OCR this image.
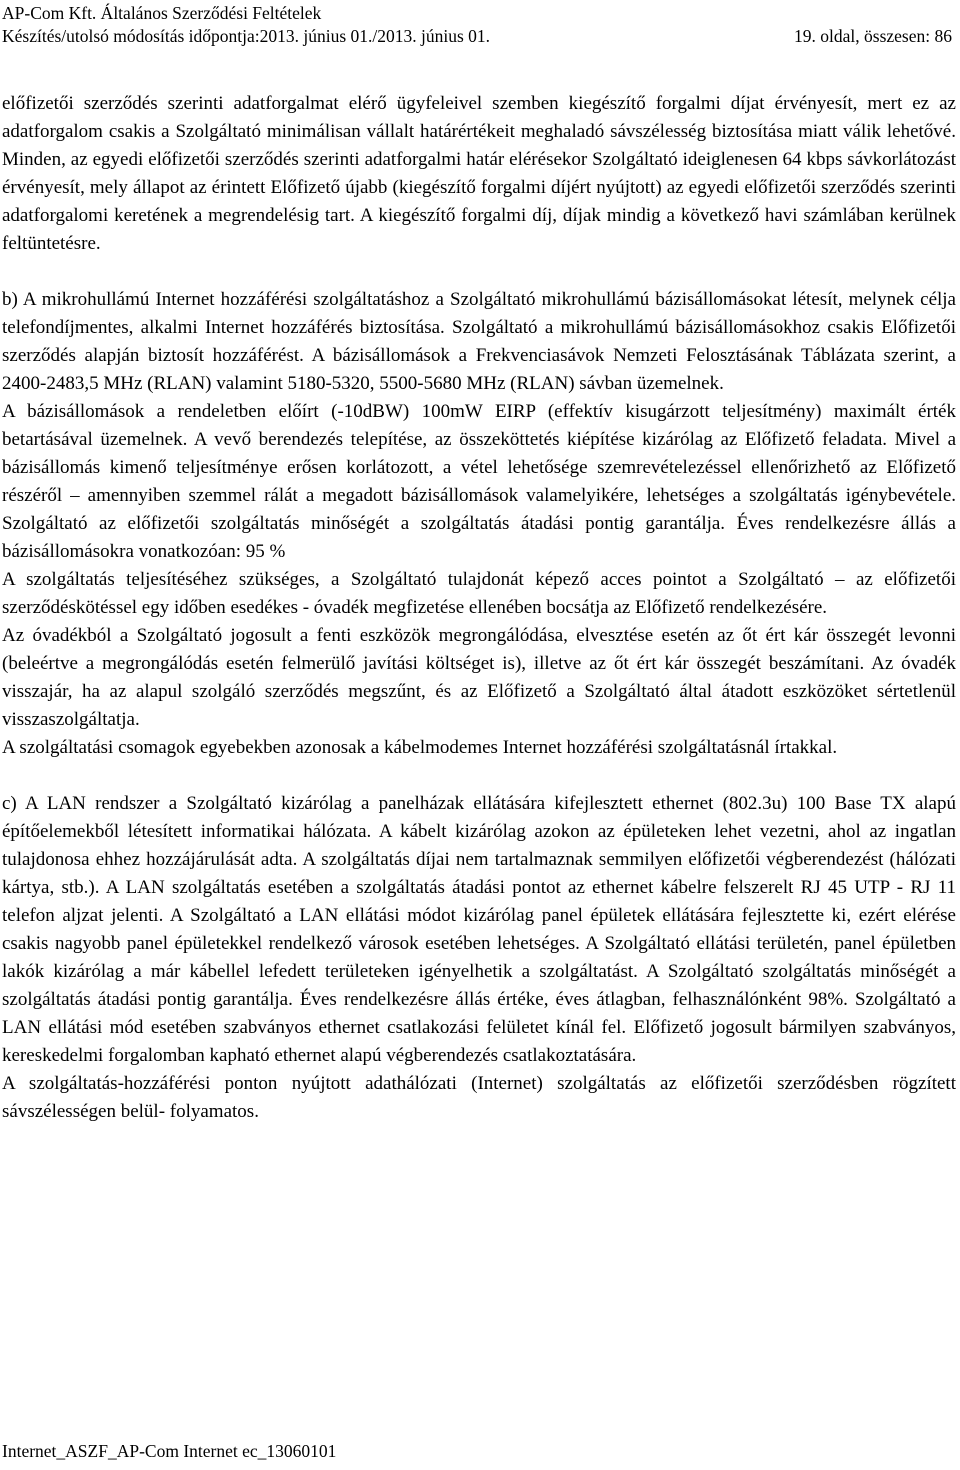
AP-Com Kft. Általános Szerződési Feltételek
Készítés/utolsó módosítás időpontja:2013. június 01./2013. június 01.	19. oldal, összesen: 86

előfizetői szerződés szerinti adatforgalmat elérő ügyfeleivel szemben kiegészítő forgalmi díjat érvényesít, mert ez az adatforgalom csakis a Szolgáltató minimálisan vállalt határértékeit meghaladó sávszélesség biztosítása miatt válik lehetővé. Minden, az egyedi előfizetői szerződés szerinti adatforgalmi határ elérésekor Szolgáltató ideiglenesen 64 kbps sávkorlátozást érvényesít, mely állapot az érintett Előfizető újabb (kiegészítő forgalmi díjért nyújtott) az egyedi előfizetői szerződés szerinti adatforgalomi keretének a megrendelésig tart. A kiegészítő forgalmi díj, díjak mindig a következő havi számlában kerülnek feltüntetésre.

b) A mikrohullámú Internet hozzáférési szolgáltatáshoz a Szolgáltató mikrohullámú bázisállomásokat létesít, melynek célja telefondíjmentes, alkalmi Internet hozzáférés biztosítása. Szolgáltató a mikrohullámú bázisállomásokhoz csakis Előfizetői szerződés alapján biztosít hozzáférést. A bázisállomások a Frekvenciasávok Nemzeti Felosztásának Táblázata szerint, a 2400-2483,5 MHz (RLAN) valamint 5180-5320, 5500-5680 MHz (RLAN) sávban üzemelnek.

A bázisállomások a rendeletben előírt (-10dBW) 100mW EIRP (effektív kisugárzott teljesítmény) maximált érték betartásával üzemelnek. A vevő berendezés telepítése, az összeköttetés kiépítése kizárólag az Előfizető feladata. Mivel a bázisállomás kimenő teljesítménye erősen korlátozott, a vétel lehetősége szemrevételezéssel ellenőrizhető az Előfizető részéről – amennyiben szemmel rálát a megadott bázisállomások valamelyikére, lehetséges a szolgáltatás igénybevétele. Szolgáltató az előfizetői szolgáltatás minőségét a szolgáltatás átadási pontig garantálja. Éves rendelkezésre állás a bázisállomásokra vonatkozóan: 95 %

A szolgáltatás teljesítéséhez szükséges, a Szolgáltató tulajdonát képező acces pointot a Szolgáltató – az előfizetői szerződéskötéssel egy időben esedékes - óvadék megfizetése ellenében bocsátja az Előfizető rendelkezésére.

Az óvadékból a Szolgáltató jogosult a fenti eszközök megrongálódása, elvesztése esetén az őt ért kár összegét levonni (beleértve a megrongálódás esetén felmerülő javítási költséget is), illetve az őt ért kár összegét beszámítani. Az óvadék visszajár, ha az alapul szolgáló szerződés megszűnt, és az Előfizető a Szolgáltató által átadott eszközöket sértetlenül visszaszolgáltatja.

A szolgáltatási csomagok egyebekben azonosak a kábelmodemes Internet hozzáférési szolgáltatásnál írtakkal.

c) A LAN rendszer a Szolgáltató kizárólag a panelházak ellátására kifejlesztett ethernet (802.3u) 100 Base TX alapú építőelemekből létesített informatikai hálózata. A kábelt kizárólag azokon az épületeken lehet vezetni, ahol az ingatlan tulajdonosa ehhez hozzájárulását adta. A szolgáltatás díjai nem tartalmaznak semmilyen előfizetői végberendezést (hálózati kártya, stb.). A LAN szolgáltatás esetében a szolgáltatás átadási pontot az ethernet kábelre felszerelt RJ 45 UTP - RJ 11 telefon aljzat jelenti. A Szolgáltató a LAN ellátási módot kizárólag panel épületek ellátására fejlesztette ki, ezért elérése csakis nagyobb panel épületekkel rendelkező városok esetében lehetséges. A Szolgáltató ellátási területén, panel épületben lakók kizárólag a már kábellel lefedett területeken igényelhetik a szolgáltatást. A Szolgáltató szolgáltatás minőségét a szolgáltatás átadási pontig garantálja. Éves rendelkezésre állás értéke, éves átlagban, felhasználónként 98%. Szolgáltató a LAN ellátási mód esetében szabványos ethernet csatlakozási felületet kínál fel. Előfizető jogosult bármilyen szabványos, kereskedelmi forgalomban kapható ethernet alapú végberendezés csatlakoztatására.

A szolgáltatás-hozzáférési ponton nyújtott adathálózati (Internet) szolgáltatás az előfizetői szerződésben rögzített sávszélességen belül- folyamatos.

Internet_ASZF_AP-Com Internet ec_13060101
